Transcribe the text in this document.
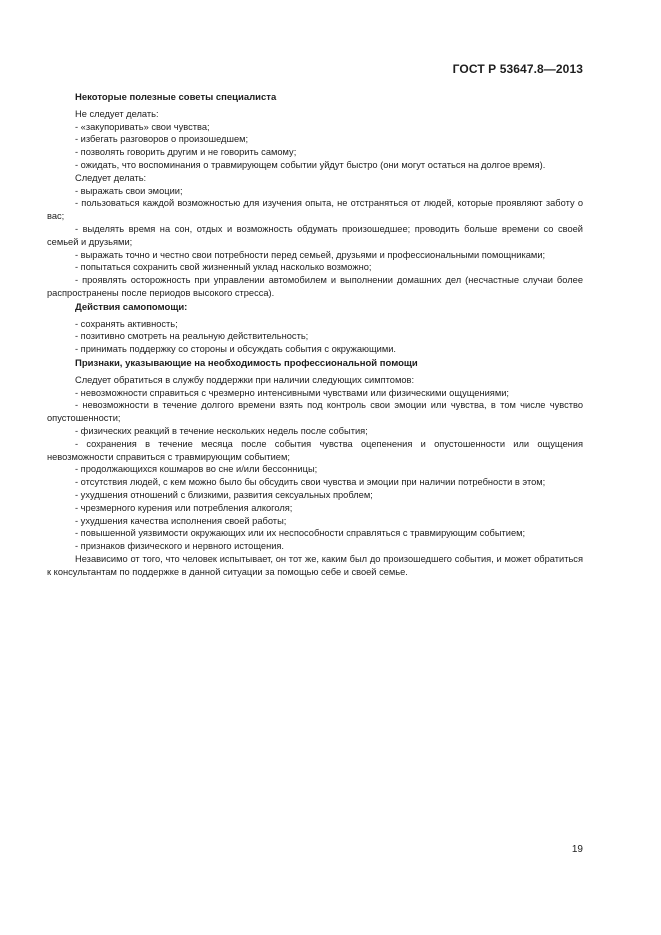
ГОСТ Р 53647.8—2013

Некоторые полезные советы специалиста

Не следует делать:

- «закупоривать» свои чувства;

- избегать разговоров о произошедшем;

- позволять говорить другим и не говорить самому;

- ожидать, что воспоминания о травмирующем событии уйдут быстро (они могут остаться на долгое время).

Следует делать:

- выражать свои эмоции;

- пользоваться каждой возможностью для изучения опыта, не отстраняться от людей, которые проявляют заботу о вас;

- выделять время на сон, отдых и возможность обдумать произошедшее; проводить больше времени со своей семьей и друзьями;

- выражать точно и честно свои потребности перед семьей, друзьями и профессиональными помощниками;

- попытаться сохранить свой жизненный уклад насколько возможно;

- проявлять осторожность при управлении автомобилем и выполнении домашних дел (несчастные случаи более распространены после периодов высокого стресса).

Действия самопомощи:

- сохранять активность;

- позитивно смотреть на реальную действительность;

- принимать поддержку со стороны и обсуждать события с окружающими.

Признаки, указывающие на необходимость профессиональной помощи

Следует обратиться в службу поддержки при наличии следующих симптомов:

- невозможности справиться с чрезмерно интенсивными чувствами или физическими ощущениями;

- невозможности в течение долгого времени взять под контроль свои эмоции или чувства, в том числе чувство опустошенности;

- физических реакций в течение нескольких недель после события;

- сохранения в течение месяца после события чувства оцепенения и опустошенности или ощущения невозможности справиться с травмирующим событием;

- продолжающихся кошмаров во сне и/или бессонницы;

- отсутствия людей, с кем можно было бы обсудить свои чувства и эмоции при наличии потребности в этом;

- ухудшения отношений с близкими, развития сексуальных проблем;

- чрезмерного курения или потребления алкоголя;

- ухудшения качества исполнения своей работы;

- повышенной уязвимости окружающих или их неспособности справляться с травмирующим событием;

- признаков физического и нервного истощения.

Независимо от того, что человек испытывает, он тот же, каким был до произошедшего события, и может обратиться к консультантам по поддержке в данной ситуации за помощью себе и своей семье.

19
